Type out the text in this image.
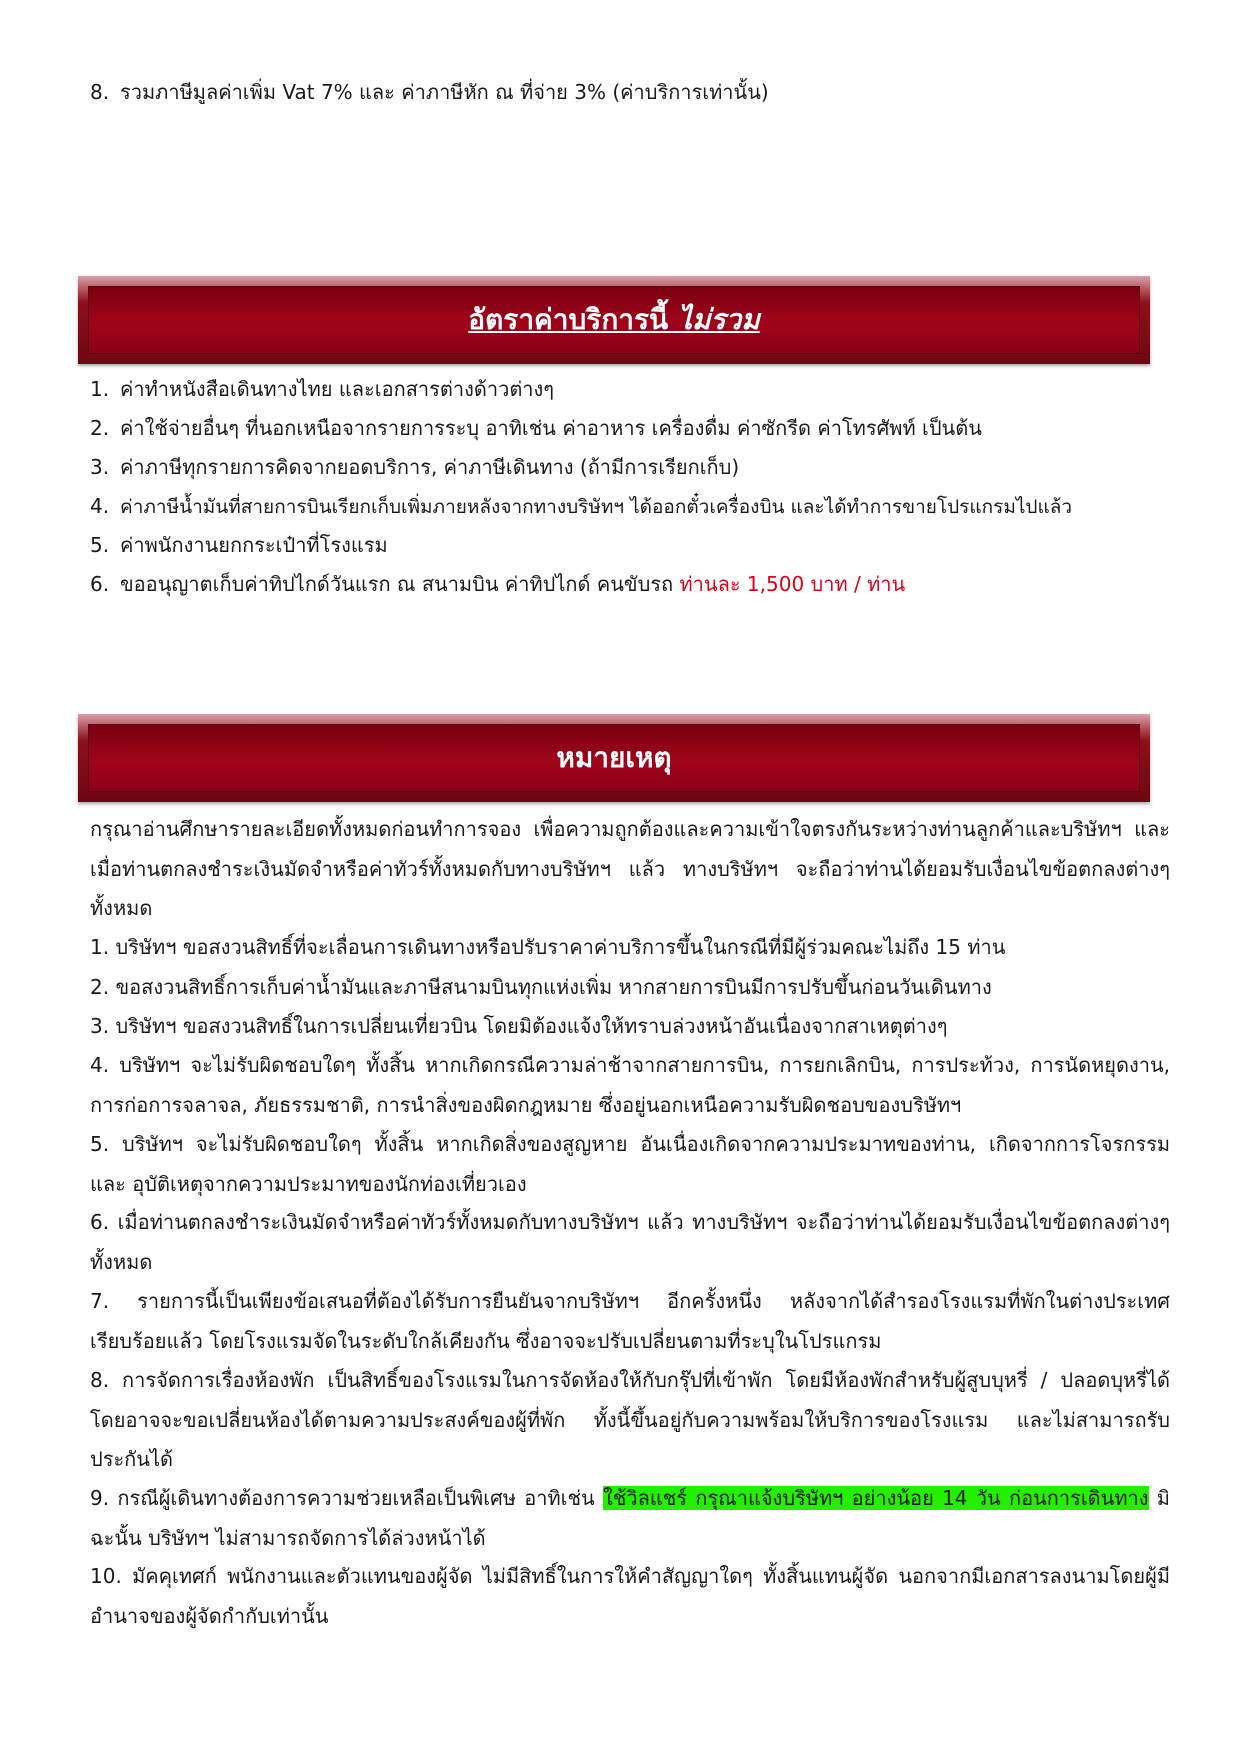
8. รวมภาษีมูลค่าเพิ่ม Vat 7% และ ค่าภาษีหัก ณ ที่จ่าย 3% (ค่าบริการเท่านั้น)
อัตราค่าบริการนี้ ไม่รวม
1. ค่าทำหนังสือเดินทางไทย และเอกสารต่างด้าวต่างๆ
2. ค่าใช้จ่ายอื่นๆ ที่นอกเหนือจากรายการระบุ อาทิเช่น ค่าอาหาร เครื่องดื่ม ค่าซักรีด ค่าโทรศัพท์ เป็นต้น
3. ค่าภาษีทุกรายการคิดจากยอดบริการ, ค่าภาษีเดินทาง (ถ้ามีการเรียกเก็บ)
4. ค่าภาษีน้ำมันที่สายการบินเรียกเก็บเพิ่มภายหลังจากทางบริษัทฯ ได้ออกตั๋วเครื่องบิน และได้ทำการขายโปรแกรมไปแล้ว
5. ค่าพนักงานยกกระเป๋าที่โรงแรม
6. ขออนุญาตเก็บค่าทิปไกด์วันแรก ณ สนามบิน ค่าทิปไกด์ คนขับรถ ท่านละ 1,500 บาท / ท่าน
หมายเหตุ
กรุณาอ่านศึกษารายละเอียดทั้งหมดก่อนทำการจอง เพื่อความถูกต้องและความเข้าใจตรงกันระหว่างท่านลูกค้าและบริษัทฯ และเมื่อท่านตกลงชำระเงินมัดจำหรือค่าทัวร์ทั้งหมดกับทางบริษัทฯ แล้ว ทางบริษัทฯ จะถือว่าท่านได้ยอมรับเงื่อนไขข้อตกลงต่างๆ ทั้งหมด
1. บริษัทฯ ขอสงวนสิทธิ์ที่จะเลื่อนการเดินทางหรือปรับราคาค่าบริการขึ้นในกรณีที่มีผู้ร่วมคณะไม่ถึง 15 ท่าน
2. ขอสงวนสิทธิ์การเก็บค่าน้ำมันและภาษีสนามบินทุกแห่งเพิ่ม หากสายการบินมีการปรับขึ้นก่อนวันเดินทาง
3. บริษัทฯ ขอสงวนสิทธิ์ในการเปลี่ยนเที่ยวบิน โดยมิต้องแจ้งให้ทราบล่วงหน้าอันเนื่องจากสาเหตุต่างๆ
4. บริษัทฯ จะไม่รับผิดชอบใดๆ ทั้งสิ้น หากเกิดกรณีความล่าช้าจากสายการบิน, การยกเลิกบิน, การประท้วง, การนัดหยุดงาน, การก่อการจลาจล, ภัยธรรมชาติ, การนำสิ่งของผิดกฎหมาย ซึ่งอยู่นอกเหนือความรับผิดชอบของบริษัทฯ
5. บริษัทฯ จะไม่รับผิดชอบใดๆ ทั้งสิ้น หากเกิดสิ่งของสูญหาย อันเนื่องเกิดจากความประมาทของท่าน, เกิดจากการโจรกรรม และ อุบัติเหตุจากความประมาทของนักท่องเที่ยวเอง
6. เมื่อท่านตกลงชำระเงินมัดจำหรือค่าทัวร์ทั้งหมดกับทางบริษัทฯ แล้ว ทางบริษัทฯ จะถือว่าท่านได้ยอมรับเงื่อนไขข้อตกลงต่างๆ ทั้งหมด
7. รายการนี้เป็นเพียงข้อเสนอที่ต้องได้รับการยืนยันจากบริษัทฯ อีกครั้งหนึ่ง หลังจากได้สำรองโรงแรมที่พักในต่างประเทศเรียบร้อยแล้ว โดยโรงแรมจัดในระดับใกล้เคียงกัน ซึ่งอาจจะปรับเปลี่ยนตามที่ระบุในโปรแกรม
8. การจัดการเรื่องห้องพัก เป็นสิทธิ์ของโรงแรมในการจัดห้องให้กับกรุ๊ปที่เข้าพัก โดยมีห้องพักสำหรับผู้สูบบุหรี่ / ปลอดบุหรี่ได้ โดยอาจจะขอเปลี่ยนห้องได้ตามความประสงค์ของผู้ที่พัก ทั้งนี้ขึ้นอยู่กับความพร้อมให้บริการของโรงแรม และไม่สามารถรับประกันได้
9. กรณีผู้เดินทางต้องการความช่วยเหลือเป็นพิเศษ อาทิเช่น ใช้วิลแชร์ กรุณาแจ้งบริษัทฯ อย่างน้อย 14 วัน ก่อนการเดินทาง มิฉะนั้น บริษัทฯ ไม่สามารถจัดการได้ล่วงหน้าได้
10. มัคคุเทศก์ พนักงานและตัวแทนของผู้จัด ไม่มีสิทธิ์ในการให้คำสัญญาใดๆ ทั้งสิ้นแทนผู้จัด นอกจากมีเอกสารลงนามโดยผู้มีอำนาจของผู้จัดกำกับเท่านั้น
